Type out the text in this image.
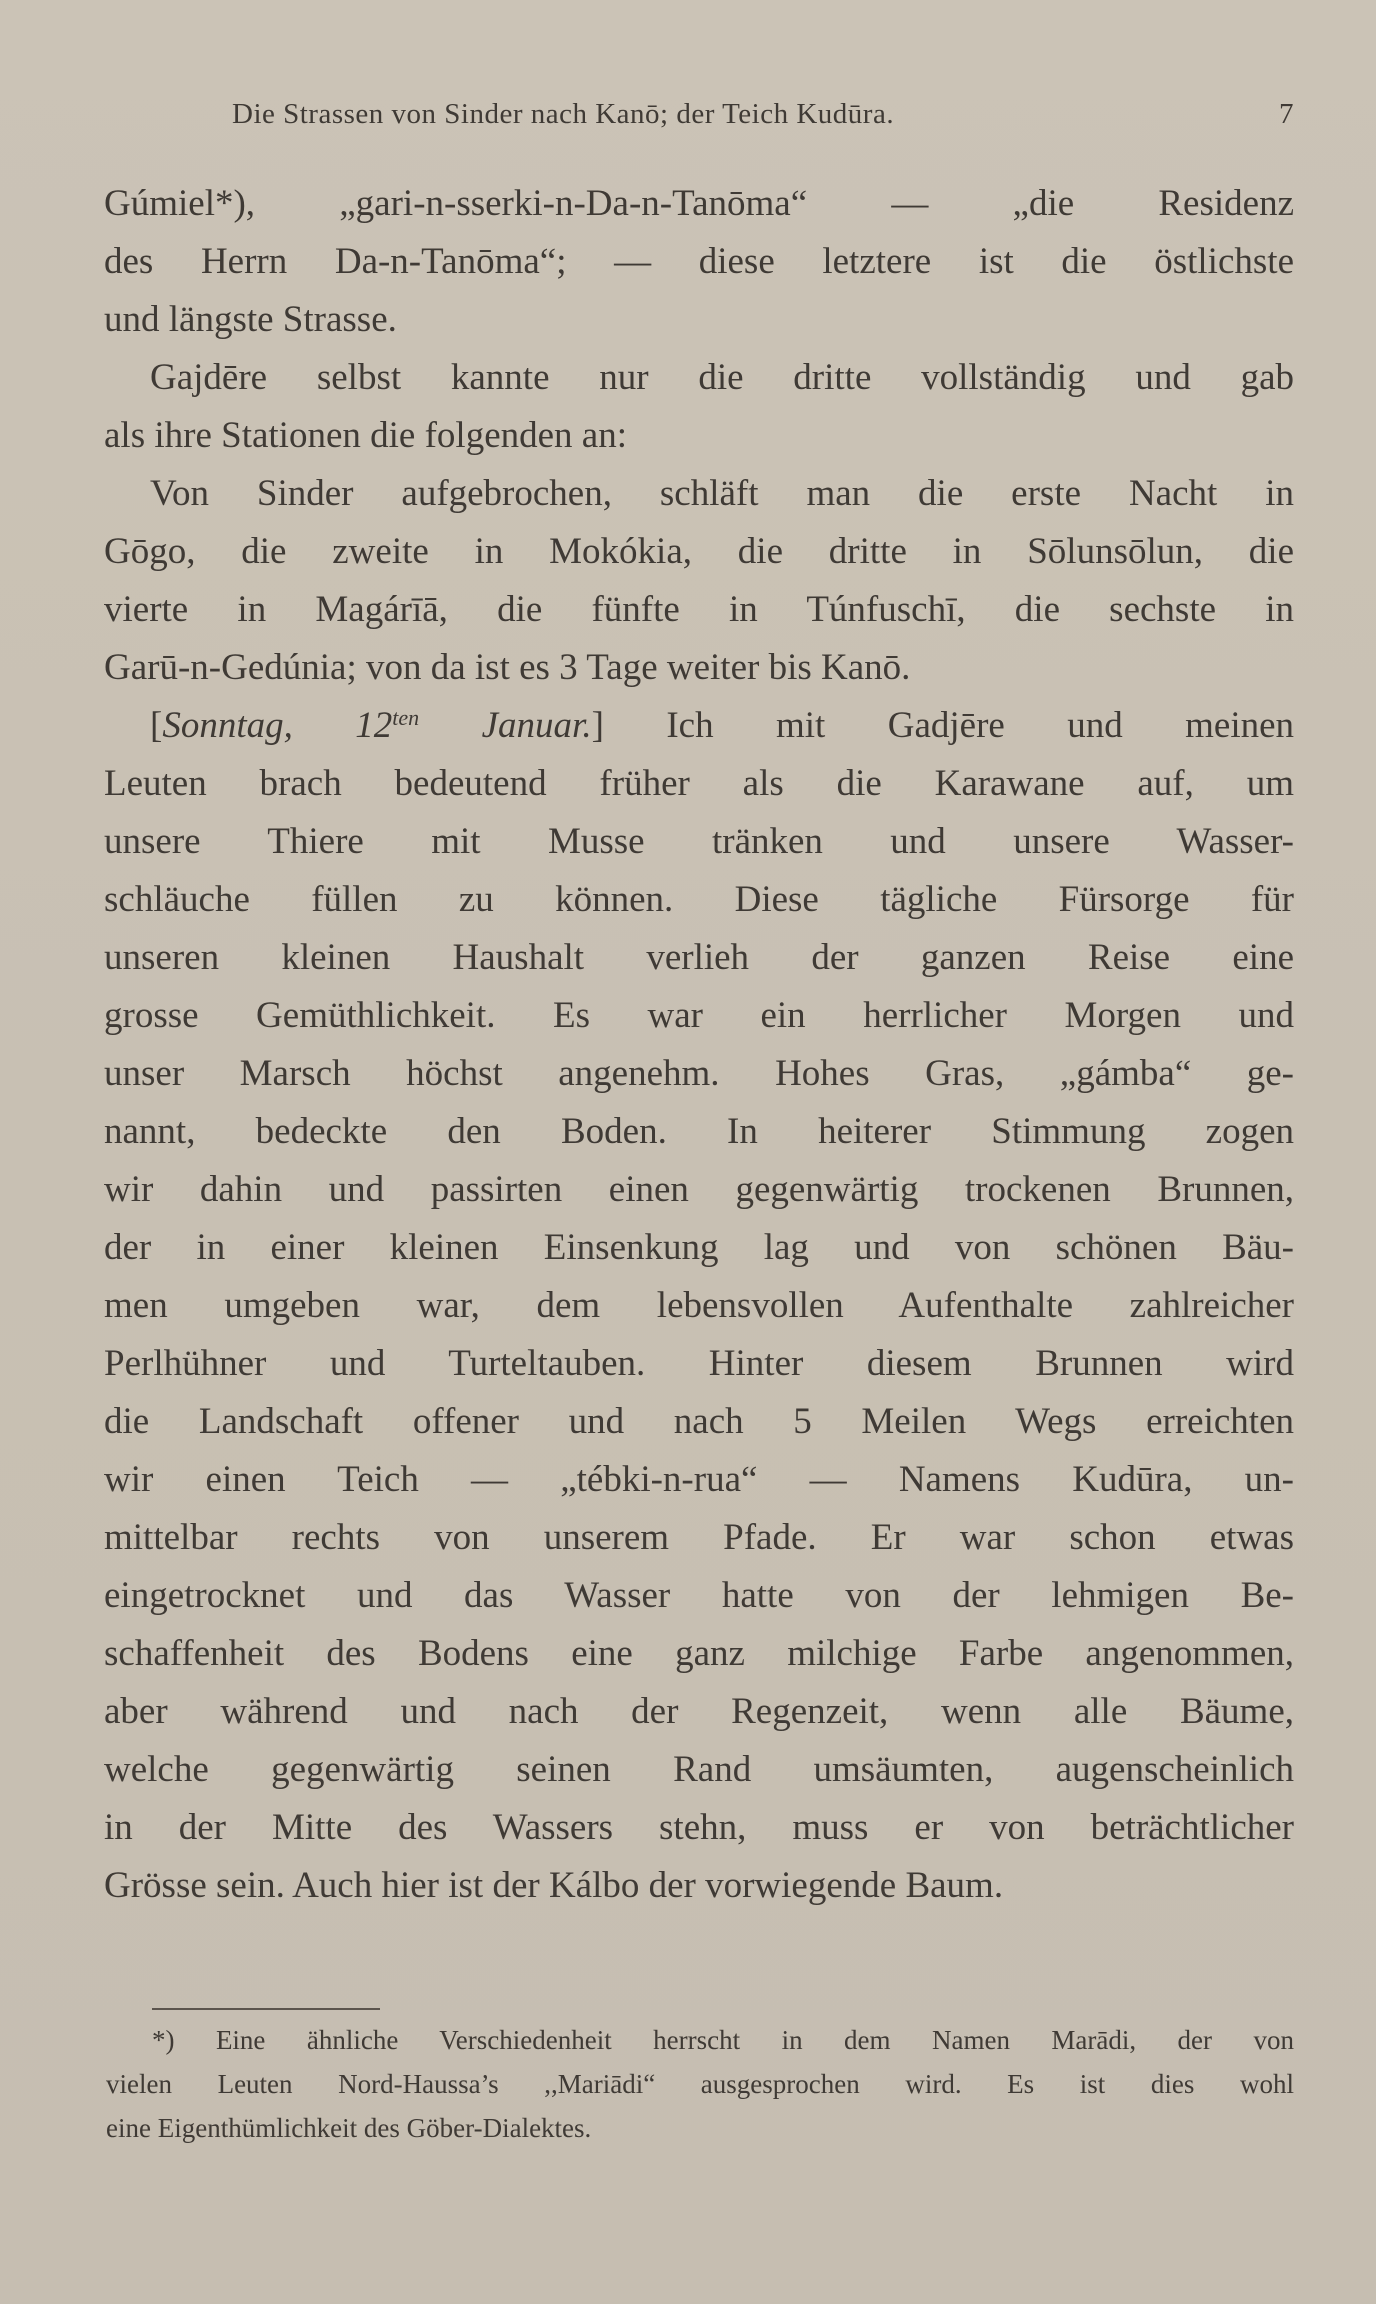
Die Strassen von Sinder nach Kanō; der Teich Kudūra.	7
Gúmiel*), „gari-n-sserki-n-Da-n-Tanōma“ — „die Residenz
des Herrn Da-n-Tanōma“; — diese letztere ist die östlichste
und längste Strasse.
Gajdēre selbst kannte nur die dritte vollständig und gab
als ihre Stationen die folgenden an:
Von Sinder aufgebrochen, schläft man die erste Nacht in
Gōgo, die zweite in Mokókia, die dritte in Sōlunsōlun, die
vierte in Magárīā, die fünfte in Túnfuschī, die sechste in
Garū-n-Gedúnia; von da ist es 3 Tage weiter bis Kanō.
[Sonntag, $12^{ten}$ Januar.] Ich mit Gadjēre und meinen
Leuten brach bedeutend früher als die Karawane auf, um
unsere Thiere mit Musse tränken und unsere Wasser-
schläuche füllen zu können. Diese tägliche Fürsorge für
unseren kleinen Haushalt verlieh der ganzen Reise eine
grosse Gemüthlichkeit. Es war ein herrlicher Morgen und
unser Marsch höchst angenehm. Hohes Gras, „gámba“ ge-
nannt, bedeckte den Boden. In heiterer Stimmung zogen
wir dahin und passirten einen gegenwärtig trockenen Brunnen,
der in einer kleinen Einsenkung lag und von schönen Bäu-
men umgeben war, dem lebensvollen Aufenthalte zahlreicher
Perlhühner und Turteltauben. Hinter diesem Brunnen wird
die Landschaft offener und nach 5 Meilen Wegs erreichten
wir einen Teich — „tébki-n-rua“ — Namens Kudūra, un-
mittelbar rechts von unserem Pfade. Er war schon etwas
eingetrocknet und das Wasser hatte von der lehmigen Be-
schaffenheit des Bodens eine ganz milchige Farbe angenommen,
aber während und nach der Regenzeit, wenn alle Bäume,
welche gegenwärtig seinen Rand umsäumten, augenscheinlich
in der Mitte des Wassers stehn, muss er von beträchtlicher
Grösse sein. Auch hier ist der Kálbo der vorwiegende Baum.
*) Eine ähnliche Verschiedenheit herrscht in dem Namen Marādi, der von
vielen Leuten Nord-Haussa’s ,,Mariādi“ ausgesprochen wird. Es ist dies wohl
eine Eigenthümlichkeit des Göber-Dialektes.
